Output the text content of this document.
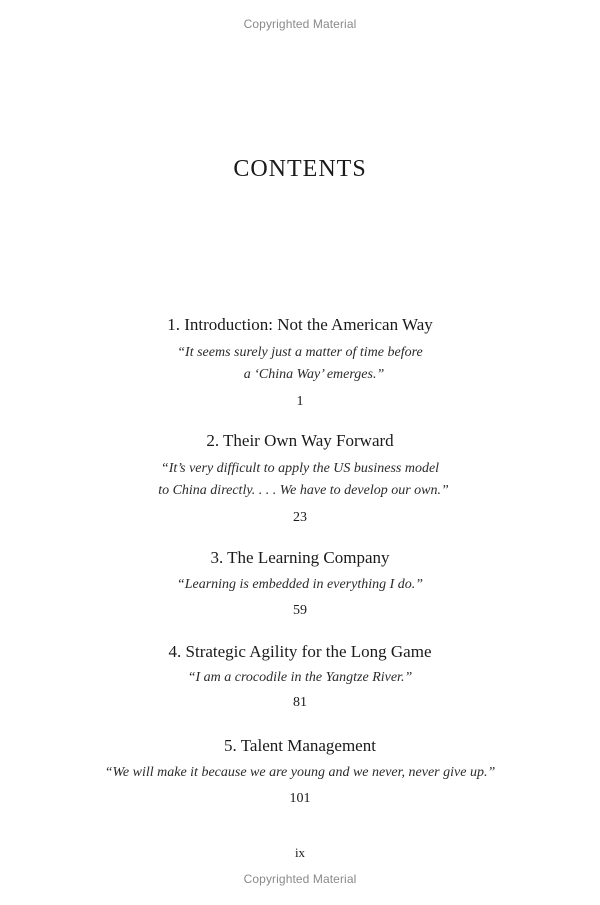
Copyrighted Material
CONTENTS
1. Introduction: Not the American Way
“It seems surely just a matter of time before
a ‘China Way’ emerges.”
1
2. Their Own Way Forward
“It’s very difficult to apply the US business model
to China directly. . . . We have to develop our own.”
23
3. The Learning Company
“Learning is embedded in everything I do.”
59
4. Strategic Agility for the Long Game
“I am a crocodile in the Yangtze River.”
81
5. Talent Management
“We will make it because we are young and we never, never give up.”
101
ix
Copyrighted Material
